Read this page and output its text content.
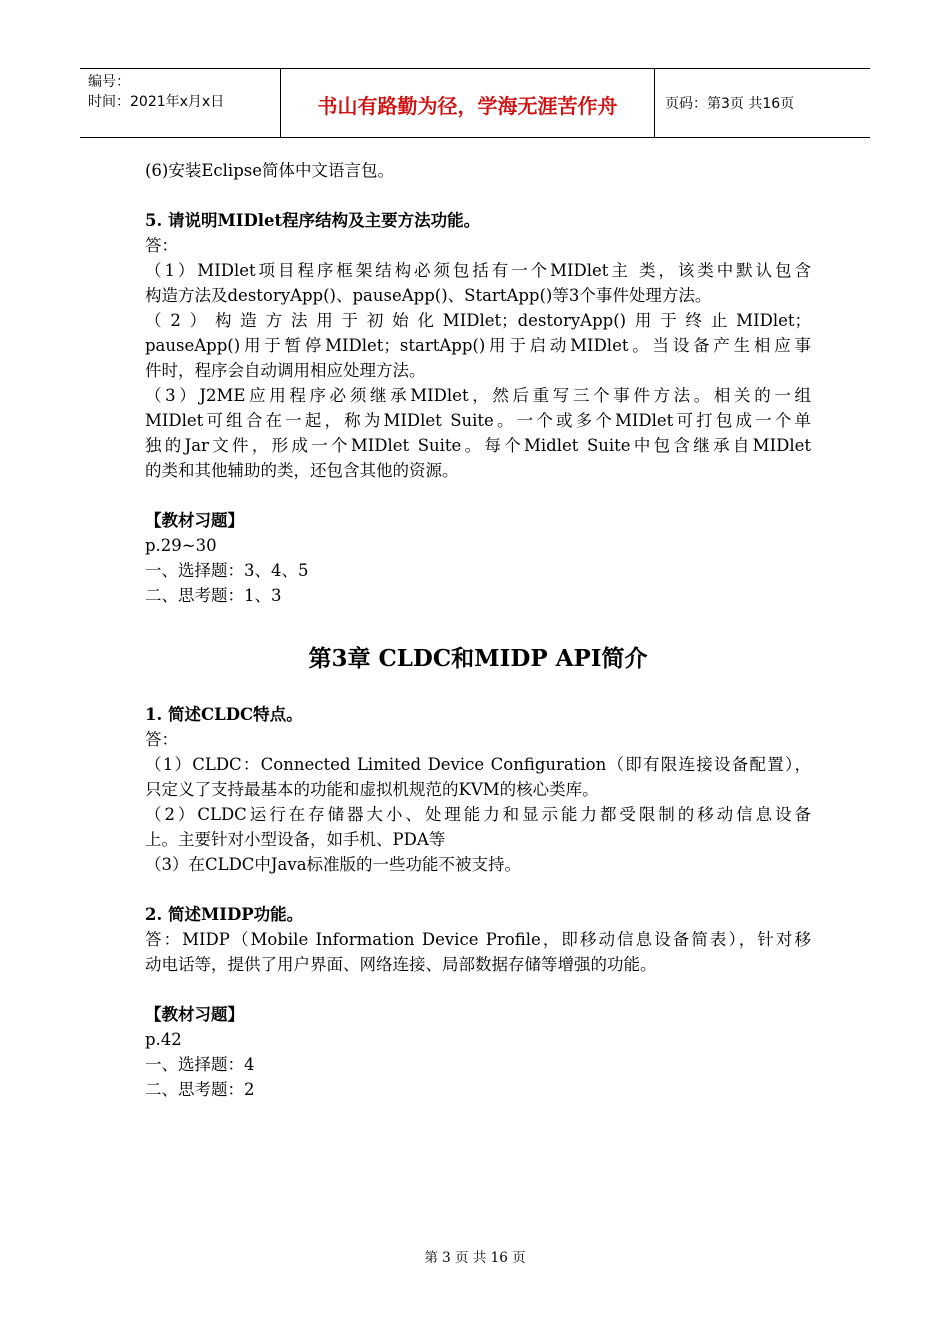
编号：
时间：2021年x月x日	书山有路勤为径，学海无涯苦作舟	页码：第3页 共16页
(6)安装Eclipse简体中文语言包。
5. 请说明MIDlet程序结构及主要方法功能。
答：
（1）MIDlet项目程序框架结构必须包括有一个MIDlet主 类，该类中默认包含
构造方法及destoryApp()、pauseApp()、StartApp()等3个事件处理方法。
（2）构造方法用于初始化MIDlet；destoryApp()用于终止MIDlet；
pauseApp()用于暂停MIDlet；startApp()用于启动MIDlet。当设备产生相应事
件时，程序会自动调用相应处理方法。
（3）J2ME应用程序必须继承MIDlet，然后重写三个事件方法。相关的一组
MIDlet可组合在一起，称为MIDlet Suite。一个或多个MIDlet可打包成一个单
独的Jar文件，形成一个MIDlet Suite。每个Midlet Suite中包含继承自MIDlet
的类和其他辅助的类，还包含其他的资源。
【教材习题】
p.29~30
一、选择题：3、4、5
二、思考题：1、3
第3章 CLDC和MIDP API简介
1. 简述CLDC特点。
答：
（1）CLDC：Connected Limited Device Configuration（即有限连接设备配置），
只定义了支持最基本的功能和虚拟机规范的KVM的核心类库。
（2）CLDC运行在存储器大小、处理能力和显示能力都受限制的移动信息设备
上。主要针对小型设备，如手机、PDA等
（3）在CLDC中Java标准版的一些功能不被支持。
2. 简述MIDP功能。
答：MIDP（Mobile Information Device Profile，即移动信息设备简表），针对移
动电话等，提供了用户界面、网络连接、局部数据存储等增强的功能。
【教材习题】
p.42
一、选择题：4
二、思考题：2
第 3 页 共 16 页
